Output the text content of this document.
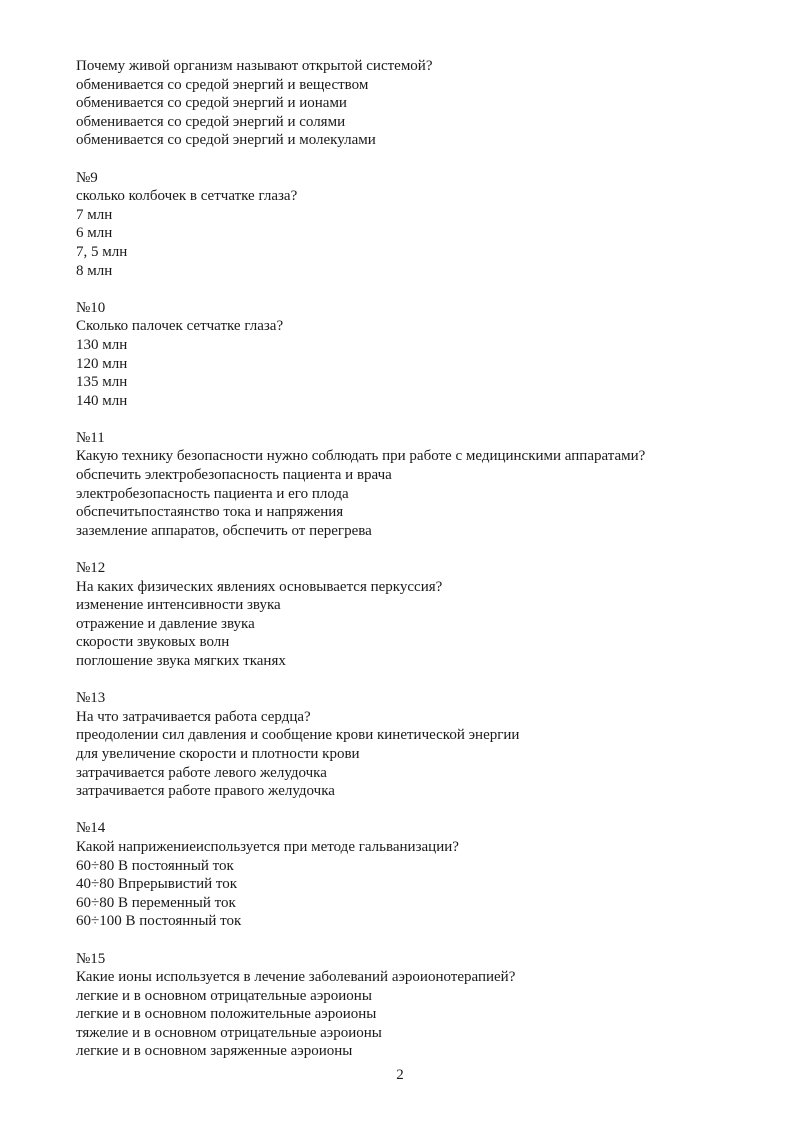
Почему живой организм называют открытой системой?
обменивается со средой энергий и веществом
обменивается со средой энергий и ионами
обменивается со средой энергий и солями
обменивается со средой энергий и молекулами
№9
сколько колбочек в сетчатке глаза?
7 млн
6 млн
7, 5 млн
8 млн
№10
Сколько палочек сетчатке глаза?
130 млн
120 млн
135 млн
140 млн
№11
Какую технику безопасности нужно соблюдать при работе с медицинскими аппаратами?
обспечить электробезопасность пациента и врача
электробезопасность пациента и его плода
обспечитьпостаянство тока и напряжения
заземление аппаратов, обспечить от перегрева
№12
На каких физических явлениях основывается перкуссия?
изменение интенсивности звука
отражение и давление звука
скорости звуковых волн
поглошение звука мягких тканях
№13
На что затрачивается работа сердца?
преодолении сил давления и сообщение крови кинетической энергии
для увеличение скорости и плотности крови
затрачивается работе левого желудочка
затрачивается работе правого желудочка
№14
Какой наприжениеиспользуется при методе гальванизации?
60÷80 В постоянный ток
40÷80 Впрерывистий ток
60÷80 В переменный ток
60÷100 В постоянный ток
№15
Какие ионы используется в лечение заболеваний аэроионотерапией?
легкие и в основном отрицательные аэроионы
легкие и в основном положительные аэроионы
тяжелие и в основном отрицательные аэроионы
легкие и в основном заряженные аэроионы
2
